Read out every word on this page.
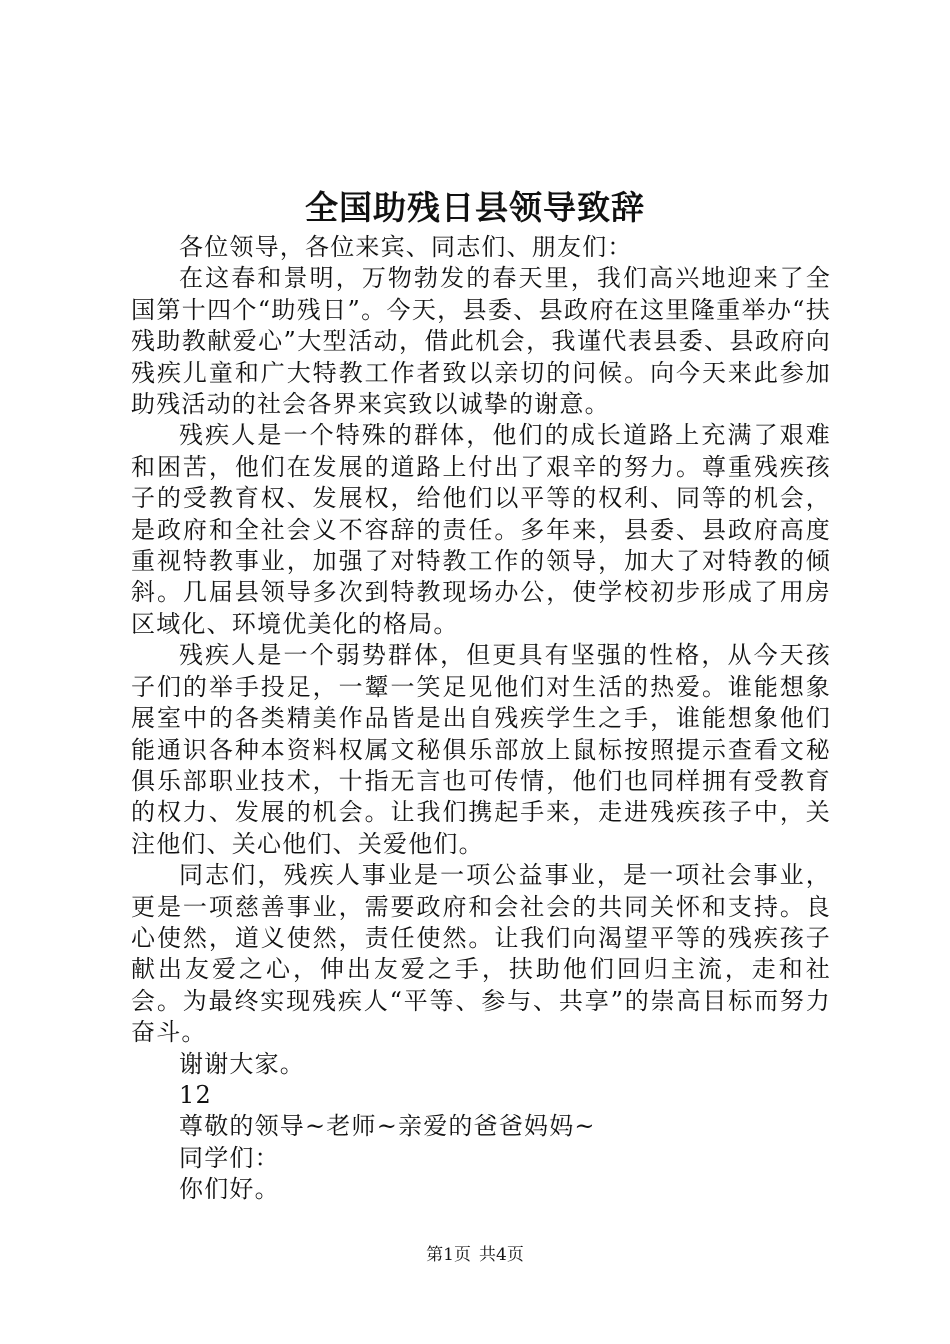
全国助残日县领导致辞

各位领导，各位来宾、同志们、朋友们：

在这春和景明，万物勃发的春天里，我们高兴地迎来了全国第十四个“助残日”。今天，县委、县政府在这里隆重举办“扶残助教献爱心”大型活动，借此机会，我谨代表县委、县政府向残疾儿童和广大特教工作者致以亲切的问候。向今天来此参加助残活动的社会各界来宾致以诚挚的谢意。

残疾人是一个特殊的群体，他们的成长道路上充满了艰难和困苦，他们在发展的道路上付出了艰辛的努力。尊重残疾孩子的受教育权、发展权，给他们以平等的权利、同等的机会，是政府和全社会义不容辞的责任。多年来，县委、县政府高度重视特教事业，加强了对特教工作的领导，加大了对特教的倾斜。几届县领导多次到特教现场办公，使学校初步形成了用房区域化、环境优美化的格局。

残疾人是一个弱势群体，但更具有坚强的性格，从今天孩子们的举手投足，一颦一笑足见他们对生活的热爱。谁能想象展室中的各类精美作品皆是出自残疾学生之手，谁能想象他们能通识各种本资料权属文秘俱乐部放上鼠标按照提示查看文秘俱乐部职业技术，十指无言也可传情，他们也同样拥有受教育的权力、发展的机会。让我们携起手来，走进残疾孩子中，关注他们、关心他们、关爱他们。

同志们，残疾人事业是一项公益事业，是一项社会事业，更是一项慈善事业，需要政府和会社会的共同关怀和支持。良心使然，道义使然，责任使然。让我们向渴望平等的残疾孩子献出友爱之心，伸出友爱之手，扶助他们回归主流，走和社会。为最终实现残疾人“平等、参与、共享”的崇高目标而努力奋斗。

谢谢大家。

12

尊敬的领导~老师~亲爱的爸爸妈妈~

同学们：

你们好。

第1页 共4页
